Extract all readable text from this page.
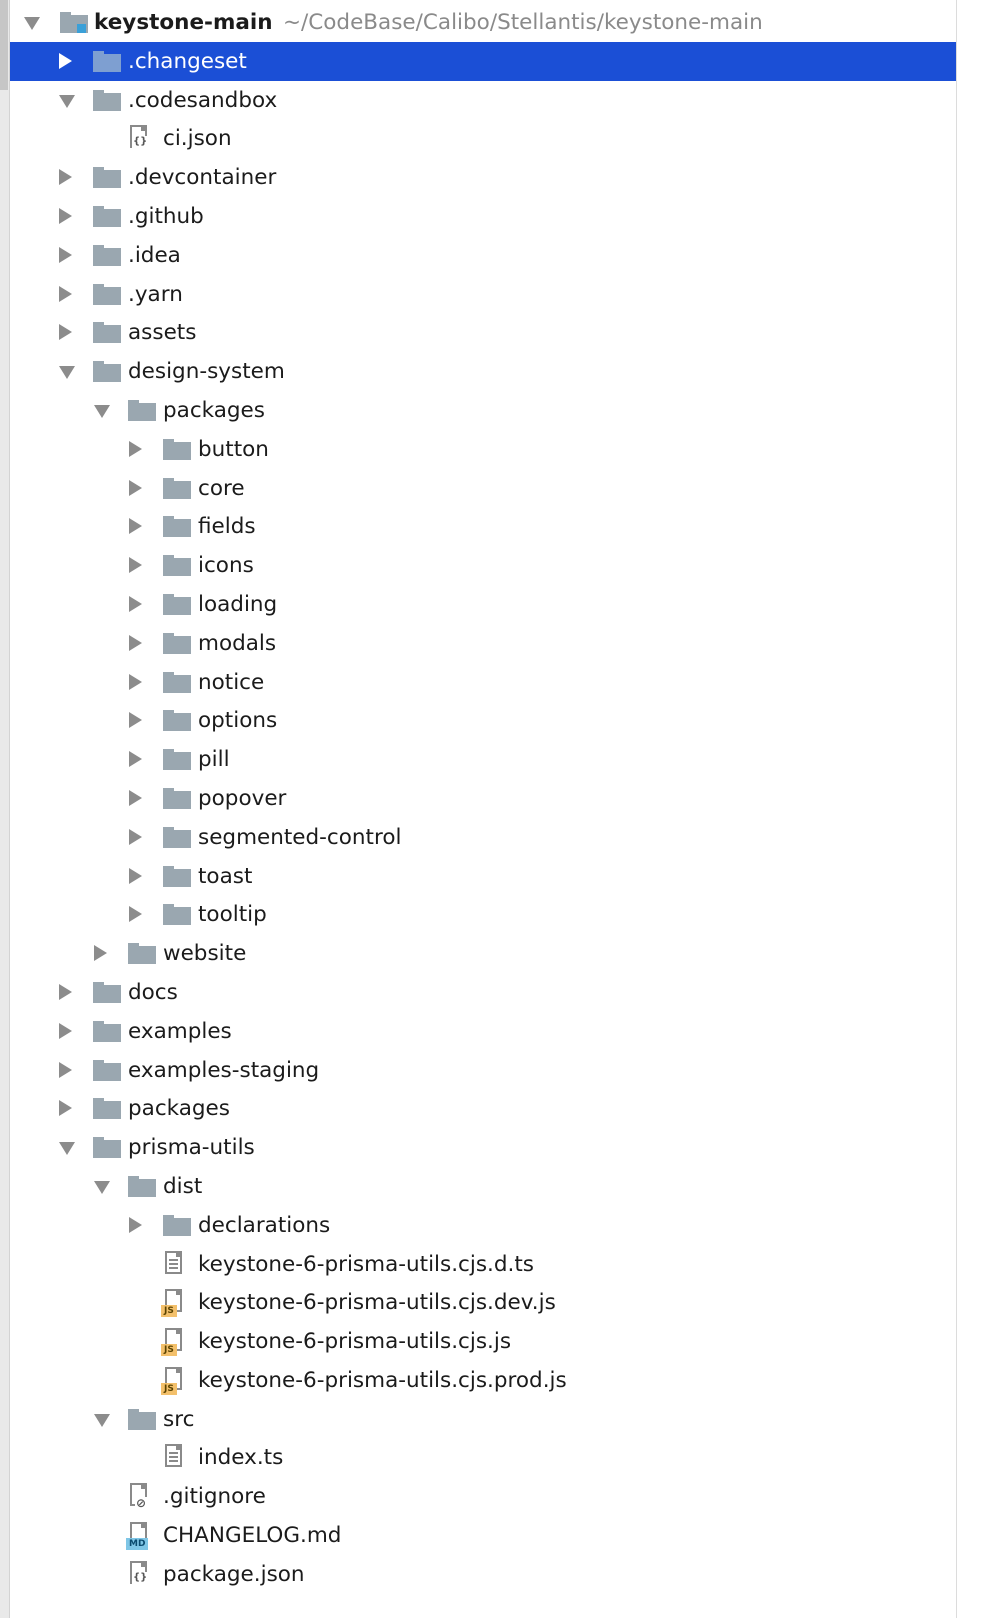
keystone-main ~/CodeBase/Calibo/Stellantis/keystone-main
.changeset
.codesandbox
{} ci.json
.devcontainer
.github
.idea
.yarn
assets
design-system
packages
button
core
fields
icons
loading
modals
notice
options
pill
popover
segmented-control
toast
tooltip
website
docs
examples
examples-staging
packages
prisma-utils
dist
declarations
keystone-6-prisma-utils.cjs.d.ts
JS keystone-6-prisma-utils.cjs.dev.js
JS keystone-6-prisma-utils.cjs.js
JS keystone-6-prisma-utils.cjs.prod.js
src
index.ts
⊘ .gitignore
MD CHANGELOG.md
{} package.json
